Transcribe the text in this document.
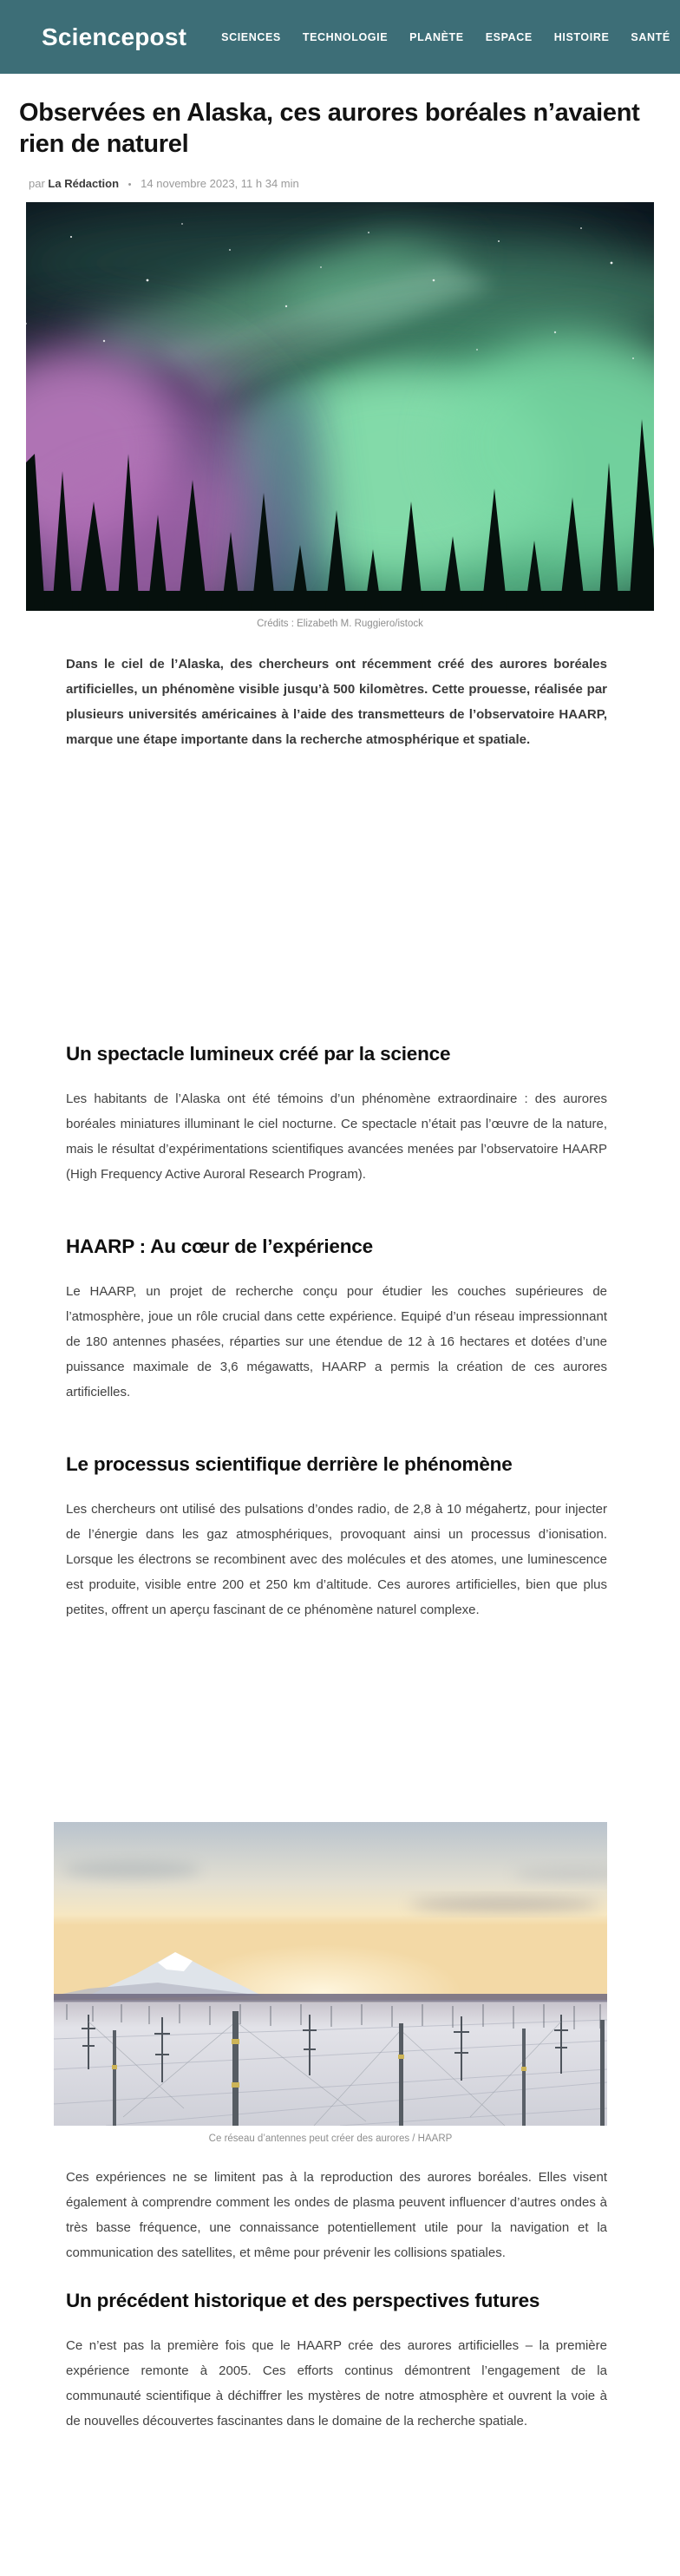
Sciencepost	SCIENCES TECHNOLOGIE PLANÈTE ESPACE HISTOIRE SANTÉ
Observées en Alaska, ces aurores boréales n’avaient rien de naturel
par La Rédaction • 14 novembre 2023, 11 h 34 min
Crédits : Elizabeth M. Ruggiero/istock

Dans le ciel de l’Alaska, des chercheurs ont récemment créé des aurores boréales artificielles, un phénomène visible jusqu’à 500 kilomètres. Cette prouesse, réalisée par plusieurs universités américaines à l’aide des transmetteurs de l’observatoire HAARP, marque une étape importante dans la recherche atmosphérique et spatiale.

Un spectacle lumineux créé par la science

Les habitants de l’Alaska ont été témoins d’un phénomène extraordinaire : des aurores boréales miniatures illuminant le ciel nocturne. Ce spectacle n’était pas l’œuvre de la nature, mais le résultat d’expérimentations scientifiques avancées menées par l’observatoire HAARP (High Frequency Active Auroral Research Program).

HAARP : Au cœur de l’expérience

Le HAARP, un projet de recherche conçu pour étudier les couches supérieures de l’atmosphère, joue un rôle crucial dans cette expérience. Equipé d’un réseau impressionnant de 180 antennes phasées, réparties sur une étendue de 12 à 16 hectares et dotées d’une puissance maximale de 3,6 mégawatts, HAARP a permis la création de ces aurores artificielles.

Le processus scientifique derrière le phénomène

Les chercheurs ont utilisé des pulsations d’ondes radio, de 2,8 à 10 mégahertz, pour injecter de l’énergie dans les gaz atmosphériques, provoquant ainsi un processus d’ionisation. Lorsque les électrons se recombinent avec des molécules et des atomes, une luminescence est produite, visible entre 200 et 250 km d’altitude. Ces aurores artificielles, bien que plus petites, offrent un aperçu fascinant de ce phénomène naturel complexe.

Ce réseau d’antennes peut créer des aurores / HAARP

Ces expériences ne se limitent pas à la reproduction des aurores boréales. Elles visent également à comprendre comment les ondes de plasma peuvent influencer d’autres ondes à très basse fréquence, une connaissance potentiellement utile pour la navigation et la communication des satellites, et même pour prévenir les collisions spatiales.

Un précédent historique et des perspectives futures

Ce n’est pas la première fois que le HAARP crée des aurores artificielles – la première expérience remonte à 2005. Ces efforts continus démontrent l’engagement de la communauté scientifique à déchiffrer les mystères de notre atmosphère et ouvrent la voie à de nouvelles découvertes fascinantes dans le domaine de la recherche spatiale.
